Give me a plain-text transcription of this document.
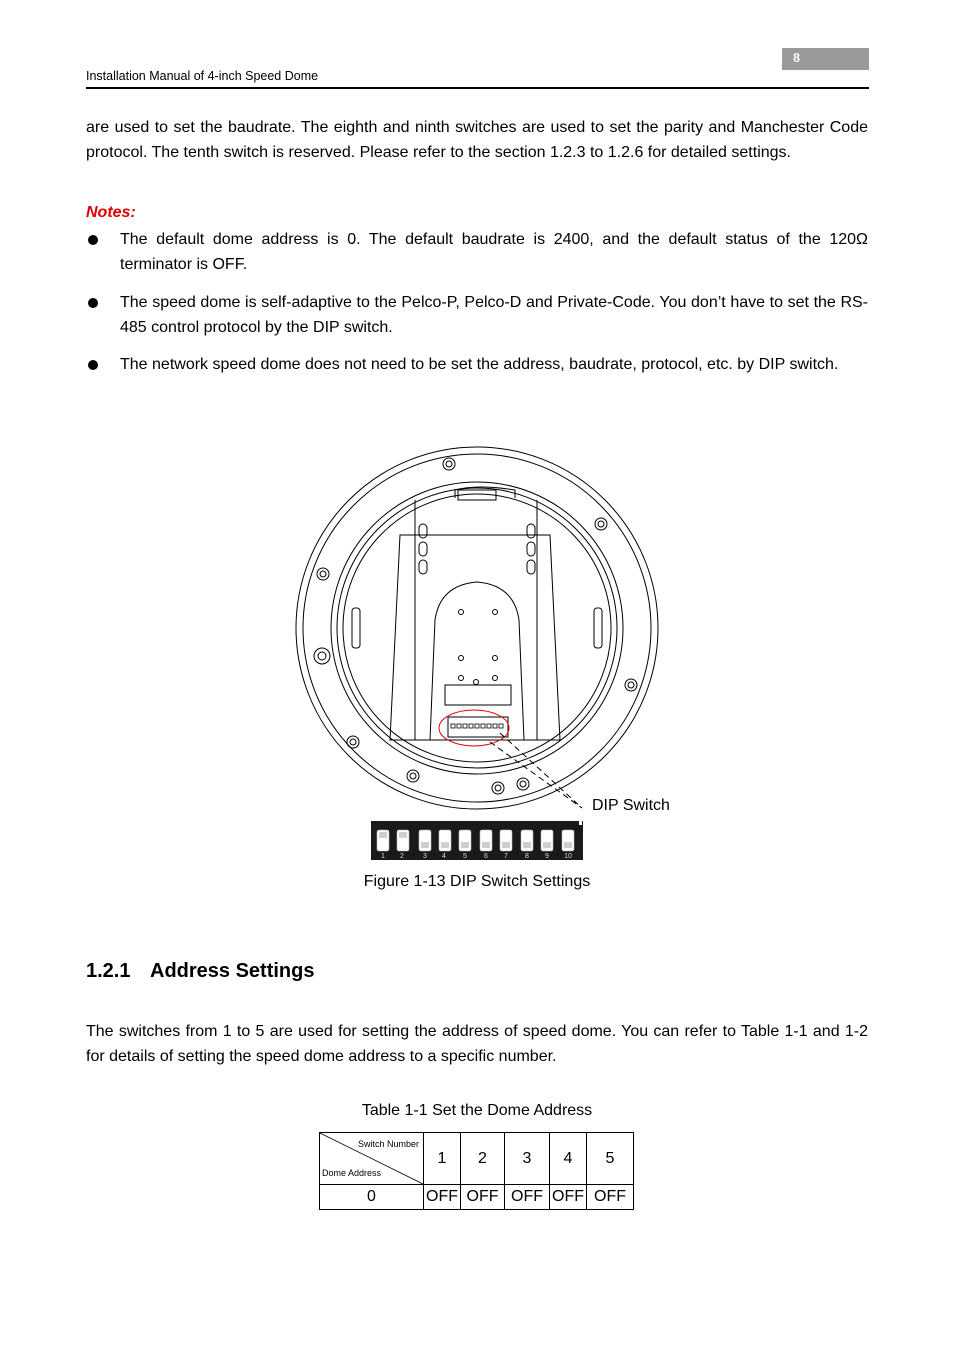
8
Installation Manual of 4-inch Speed Dome
are used to set the baudrate. The eighth and ninth switches are used to set the parity and Manchester Code protocol. The tenth switch is reserved. Please refer to the section 1.2.3 to 1.2.6 for detailed settings.
Notes:
The default dome address is 0. The default baudrate is 2400, and the default status of the 120Ω terminator is OFF.
The speed dome is self-adaptive to the Pelco-P, Pelco-D and Private-Code. You don’t have to set the RS-485 control protocol by the DIP switch.
The network speed dome does not need to be set the address, baudrate, protocol, etc. by DIP switch.
1 2	3 4 5 6 7 8 9 10
DIP Switch
Figure 1-13 DIP Switch Settings
1.2.1 Address Settings
The switches from 1 to 5 are used for setting the address of speed dome. You can refer to Table 1-1 and 1-2 for details of setting the speed dome address to a specific number.
Table 1-1 Set the Dome Address
Switch Number
Dome Address	1	2	3	4	5
0	OFF	OFF	OFF	OFF	OFF
